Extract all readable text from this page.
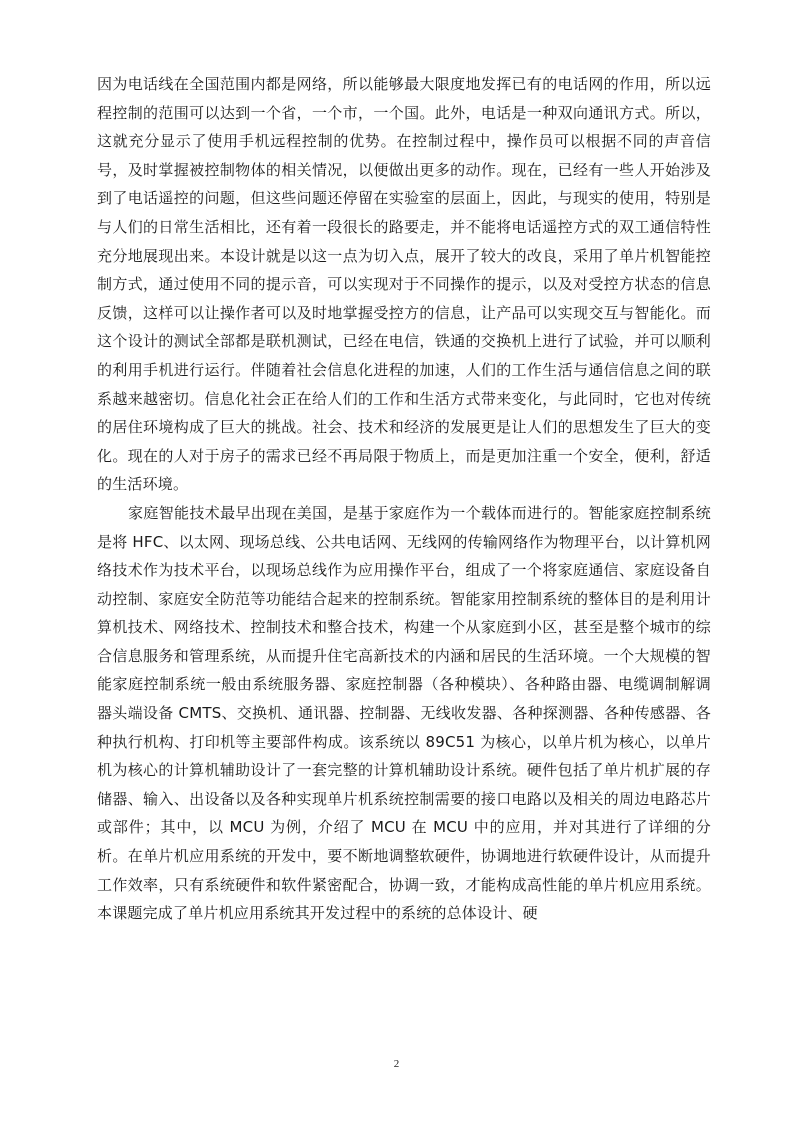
因为电话线在全国范围内都是网络，所以能够最大限度地发挥已有的电话网的作用，所以远程控制的范围可以达到一个省，一个市，一个国。此外，电话是一种双向通讯方式。所以，这就充分显示了使用手机远程控制的优势。在控制过程中，操作员可以根据不同的声音信号，及时掌握被控制物体的相关情况，以便做出更多的动作。现在，已经有一些人开始涉及到了电话遥控的问题，但这些问题还停留在实验室的层面上，因此，与现实的使用，特别是与人们的日常生活相比，还有着一段很长的路要走，并不能将电话遥控方式的双工通信特性充分地展现出来。本设计就是以这一点为切入点，展开了较大的改良，采用了单片机智能控制方式，通过使用不同的提示音，可以实现对于不同操作的提示，以及对受控方状态的信息反馈，这样可以让操作者可以及时地掌握受控方的信息，让产品可以实现交互与智能化。而这个设计的测试全部都是联机测试，已经在电信，铁通的交换机上进行了试验，并可以顺利的利用手机进行运行。伴随着社会信息化进程的加速，人们的工作生活与通信信息之间的联系越来越密切。信息化社会正在给人们的工作和生活方式带来变化，与此同时，它也对传统的居住环境构成了巨大的挑战。社会、技术和经济的发展更是让人们的思想发生了巨大的变化。现在的人对于房子的需求已经不再局限于物质上，而是更加注重一个安全，便利，舒适的生活环境。

家庭智能技术最早出现在美国，是基于家庭作为一个载体而进行的。智能家庭控制系统是将 HFC、以太网、现场总线、公共电话网、无线网的传输网络作为物理平台，以计算机网络技术作为技术平台，以现场总线作为应用操作平台，组成了一个将家庭通信、家庭设备自动控制、家庭安全防范等功能结合起来的控制系统。智能家用控制系统的整体目的是利用计算机技术、网络技术、控制技术和整合技术，构建一个从家庭到小区，甚至是整个城市的综合信息服务和管理系统，从而提升住宅高新技术的内涵和居民的生活环境。一个大规模的智能家庭控制系统一般由系统服务器、家庭控制器（各种模块）、各种路由器、电缆调制解调器头端设备 CMTS、交换机、通讯器、控制器、无线收发器、各种探测器、各种传感器、各种执行机构、打印机等主要部件构成。该系统以 89C51 为核心，以单片机为核心，以单片机为核心的计算机辅助设计了一套完整的计算机辅助设计系统。硬件包括了单片机扩展的存储器、输入、出设备以及各种实现单片机系统控制需要的接口电路以及相关的周边电路芯片或部件；其中，以 MCU 为例，介绍了 MCU 在 MCU 中的应用，并对其进行了详细的分析。在单片机应用系统的开发中，要不断地调整软硬件，协调地进行软硬件设计，从而提升工作效率，只有系统硬件和软件紧密配合，协调一致，才能构成高性能的单片机应用系统。本课题完成了单片机应用系统其开发过程中的系统的总体设计、硬

2
